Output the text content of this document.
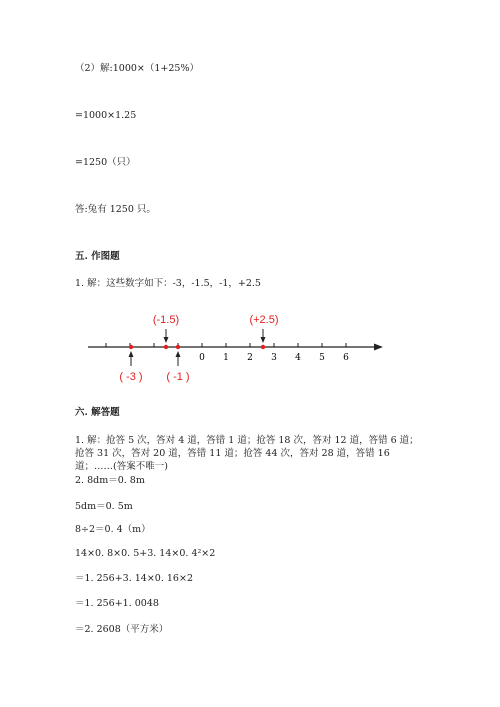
（2）解:1000×（1+25%）
=1000×1.25
=1250（只）
答:兔有 1250 只。
五. 作图题
1. 解：这些数字如下：-3，-1.5，-1，+2.5
0 1 2 3 4 5 6
(-1.5)	(+2.5)
( -3 ) ( -1 )
六. 解答题
1. 解：抢答 5 次，答对 4 道，答错 1 道；抢答 18 次，答对 12 道，答错 6 道；
抢答 31 次，答对 20 道，答错 11 道；抢答 44 次，答对 28 道，答错 16
道；……(答案不唯一)
2. 8dm＝0. 8m
5dm＝0. 5m
8÷2＝0. 4（m）
14×0. 8×0. 5+3. 14×0. 4²×2
＝1. 256+3. 14×0. 16×2
＝1. 256+1. 0048
＝2. 2608（平方米）
